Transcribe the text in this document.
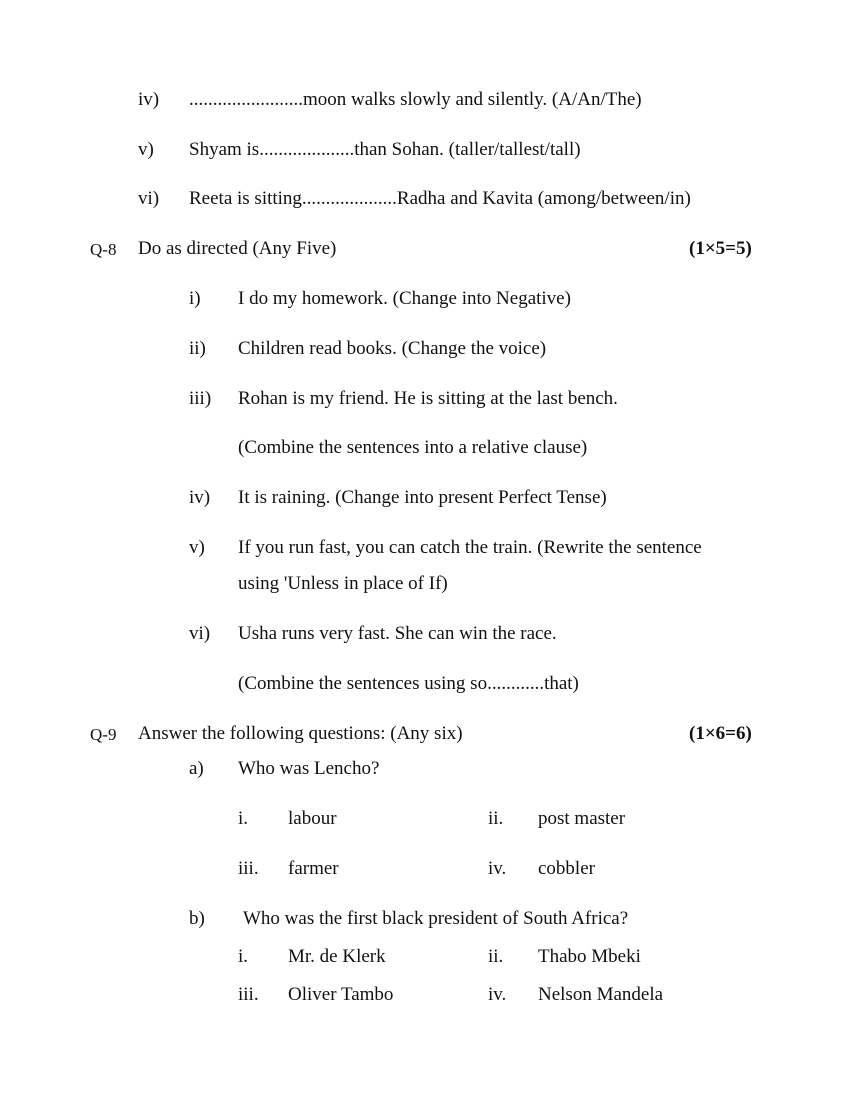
iv) ........................moon walks slowly and silently. (A/An/The)
v) Shyam is....................than Sohan. (taller/tallest/tall)
vi) Reeta is sitting....................Radha and Kavita (among/between/in)
Q-8 Do as directed (Any Five)	(1×5=5)
i) I do my homework. (Change into Negative)
ii) Children read books. (Change the voice)
iii) Rohan is my friend. He is sitting at the last bench.
(Combine the sentences into a relative clause)
iv) It is raining. (Change into present Perfect Tense)
v) If you run fast, you can catch the train. (Rewrite the sentence
using 'Unless in place of If)
vi) Usha runs very fast. She can win the race.
(Combine the sentences using so............that)
Q-9 Answer the following questions: (Any six)	(1×6=6)
a) Who was Lencho?
i. labour	ii. post master
iii. farmer	iv. cobbler
b) Who was the first black president of South Africa?
i. Mr. de Klerk	ii. Thabo Mbeki
iii. Oliver Tambo	iv. Nelson Mandela
